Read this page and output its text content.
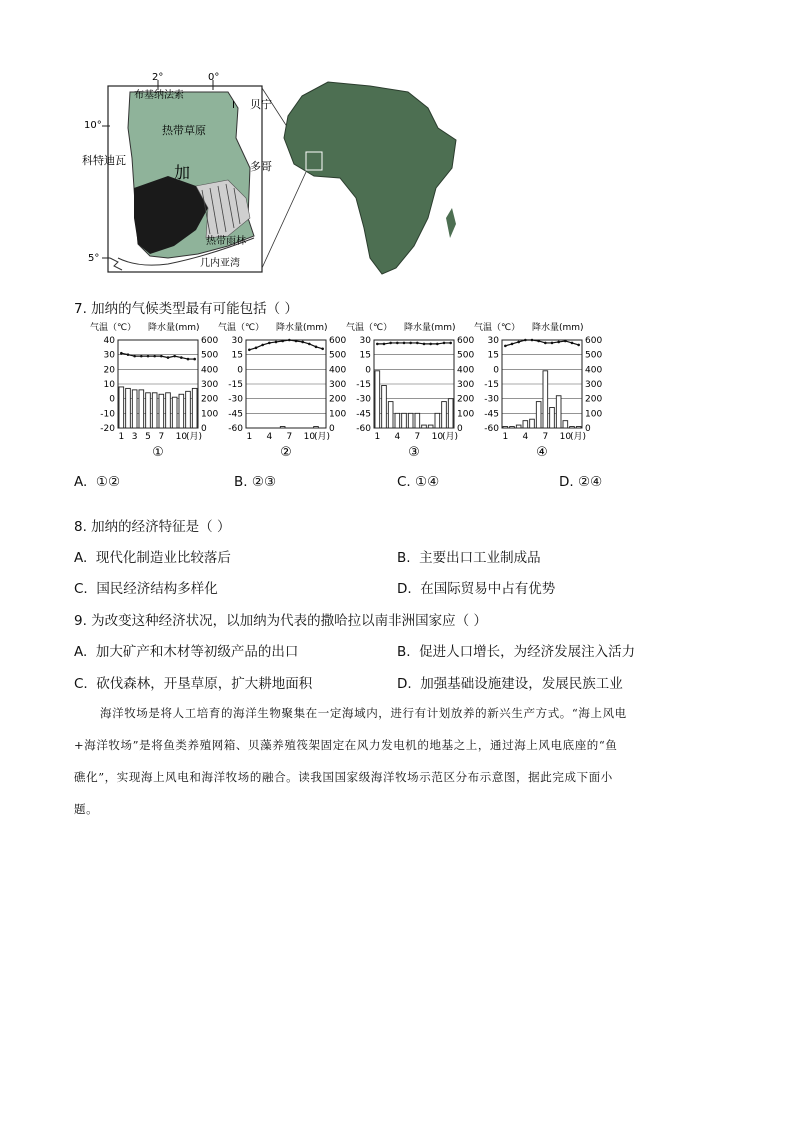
2°	0°
10°
5°
布基纳法索
I 贝宁
多哥
科特迪瓦
加
热带草原
热带雨林
几内亚湾
7. 加纳的气候类型最有可能包括（ ）
气温（℃） 降水量(mm)
40	600
30	500
20	400
10	300
0	200
-10	100
-20	0
1 3 5 7 10
(月)
①
气温（℃） 降水量(mm)
30	600
15	500
0	400
-15	300
-30	200
-45	100
-60	0
1 4 7 10
(月)
②
气温（℃） 降水量(mm)
30	600
15	500
0	400
-15	300
-30	200
-45	100
-60	0
1 4 7 10
(月)
③
气温（℃） 降水量(mm)
30	600
15	500
0	400
-15	300
-30	200
-45	100
-60	0
1 4 7 10
(月)
④
A. ①②	B. ②③	C. ①④	D. ②④
8. 加纳的经济特征是（ ）
A. 现代化制造业比较落后	B. 主要出口工业制成品
C. 国民经济结构多样化	D. 在国际贸易中占有优势
9. 为改变这种经济状况，以加纳为代表的撒哈拉以南非洲国家应（ ）
A. 加大矿产和木材等初级产品的出口	B. 促进人口增长，为经济发展注入活力
C. 砍伐森林，开垦草原，扩大耕地面积	D. 加强基础设施建设，发展民族工业
海洋牧场是将人工培育的海洋生物聚集在一定海域内，进行有计划放养的新兴生产方式。“海上风电
+海洋牧场”是将鱼类养殖网箱、贝藻养殖筏架固定在风力发电机的地基之上，通过海上风电底座的“鱼
礁化”，实现海上风电和海洋牧场的融合。读我国国家级海洋牧场示范区分布示意图，据此完成下面小
题。
